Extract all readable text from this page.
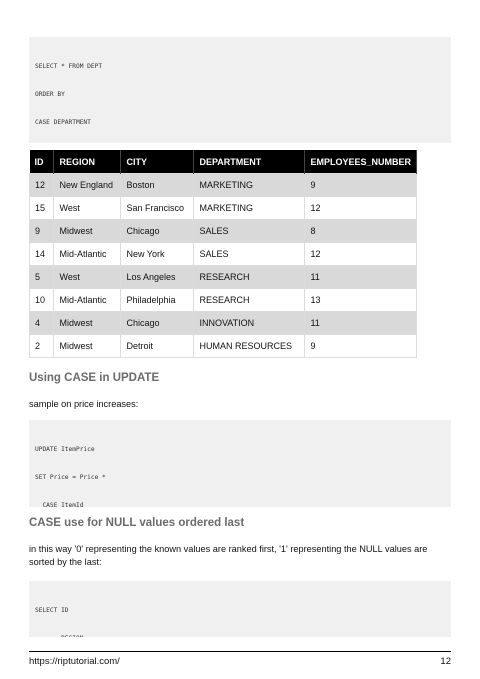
SELECT * FROM DEPT

ORDER BY

CASE DEPARTMENT

ID	REGION	CITY	DEPARTMENT	EMPLOYEES_NUMBER
12	New England	Boston	MARKETING	9
15	West	San Francisco	MARKETING	12
9	Midwest	Chicago	SALES	8
14	Mid-Atlantic	New York	SALES	12
5	West	Los Angeles	RESEARCH	11
10	Mid-Atlantic	Philadelphia	RESEARCH	13
4	Midwest	Chicago	INNOVATION	11
2	Midwest	Detroit	HUMAN RESOURCES	9
Using CASE in UPDATE
sample on price increases:

UPDATE ItemPrice

SET Price = Price *

CASE ItemId

CASE use for NULL values ordered last
in this way '0' representing the known values are ranked first, '1' representing the NULL values are sorted by the last:

SELECT ID

https://riptutorial.com/	12
